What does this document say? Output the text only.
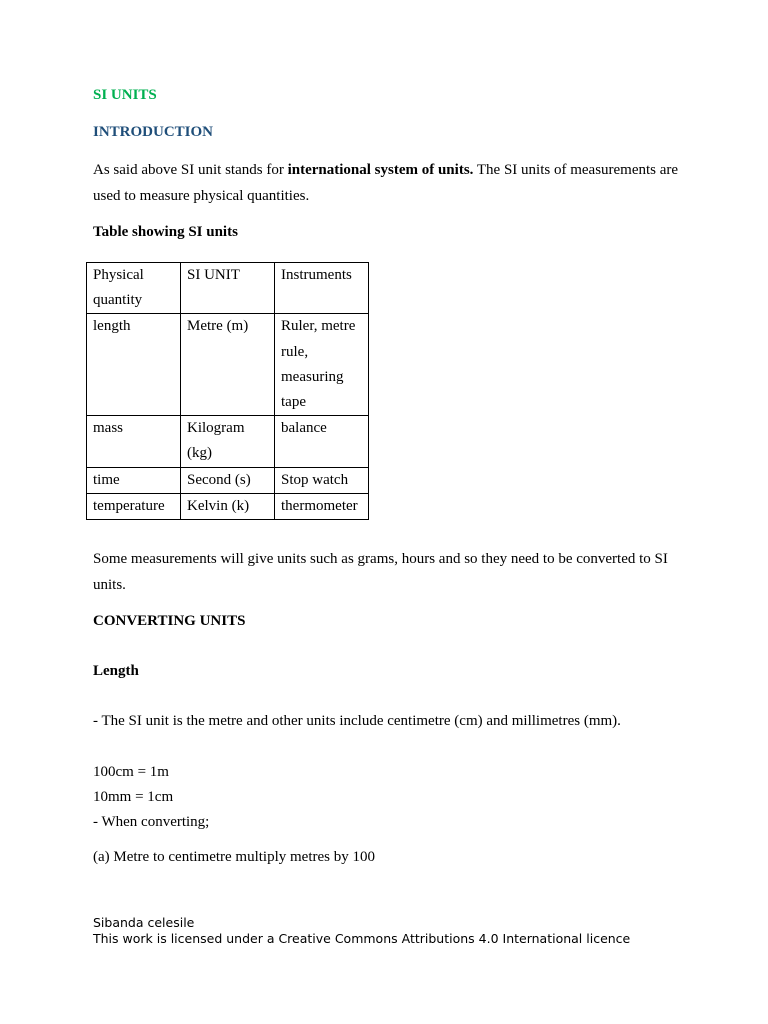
SI UNITS

INTRODUCTION

As said above SI unit stands for international system of units. The SI units of measurements are used to measure physical quantities.

Table showing SI units

Physical quantity	SI UNIT	Instruments
length	Metre (m)	Ruler, metre rule, measuring tape
mass	Kilogram (kg)	balance
time	Second (s)	Stop watch
temperature	Kelvin (k)	thermometer

Some measurements will give units such as grams, hours and so they need to be converted to SI units.

CONVERTING UNITS

Length

- The SI unit is the metre and other units include centimetre (cm) and millimetres (mm).

100cm = 1m

10mm = 1cm

- When converting;

(a) Metre to centimetre multiply metres by 100

Sibanda celesile
This work is licensed under a Creative Commons Attributions 4.0 International licence
